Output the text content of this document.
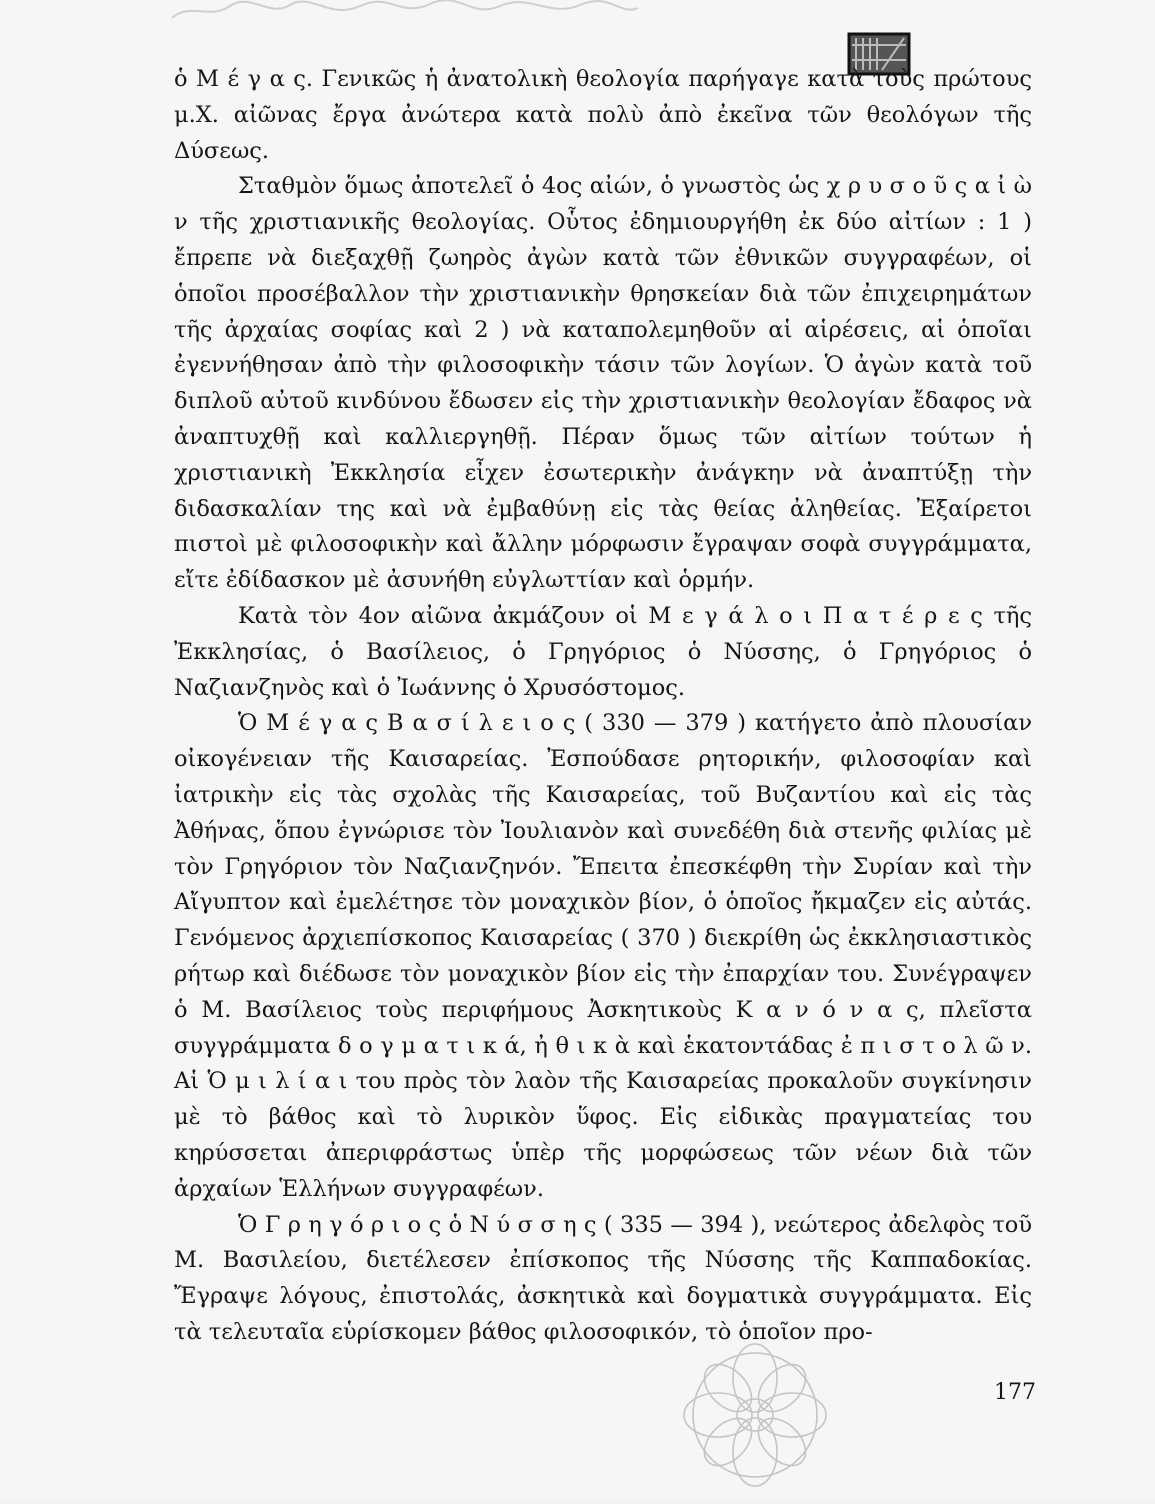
ὁ Μ έ γ α ς. Γενικῶς ἡ ἀνατολικὴ θεολογία παρήγαγε κατὰ τοὺς πρώτους μ.Χ. αἰῶνας ἔργα ἀνώτερα κατὰ πολὺ ἀπὸ ἐκεῖνα τῶν θεολόγων τῆς Δύσεως.

Σταθμὸν ὅμως ἀποτελεῖ ὁ 4ος αἰών, ὁ γνωστὸς ὡς χ ρ υ σ ο ῦ ς α ἰ ὼ ν τῆς χριστιανικῆς θεολογίας. Οὗτος ἐδημιουργήθη ἐκ δύο αἰτίων : 1 ) ἔπρεπε νὰ διεξαχθῇ ζωηρὸς ἀγὼν κατὰ τῶν ἐθνικῶν συγγραφέων, οἱ ὁποῖοι προσέβαλλον τὴν χριστιανικὴν θρησκείαν διὰ τῶν ἐπιχειρημάτων τῆς ἀρχαίας σοφίας καὶ 2 ) νὰ καταπολεμηθοῦν αἱ αἱρέσεις, αἱ ὁποῖαι ἐγεννήθησαν ἀπὸ τὴν φιλοσοφικὴν τάσιν τῶν λογίων. Ὁ ἀγὼν κατὰ τοῦ διπλοῦ αὐτοῦ κινδύνου ἔδωσεν εἰς τὴν χριστιανικὴν θεολογίαν ἔδαφος νὰ ἀναπτυχθῇ καὶ καλλιεργηθῇ. Πέραν ὅμως τῶν αἰτίων τούτων ἡ χριστιανικὴ Ἐκκλησία εἶχεν ἐσωτερικὴν ἀνάγκην νὰ ἀναπτύξῃ τὴν διδασκαλίαν της καὶ νὰ ἐμβαθύνῃ εἰς τὰς θείας ἀληθείας. Ἐξαίρετοι πιστοὶ μὲ φιλοσοφικὴν καὶ ἄλλην μόρφωσιν ἔγραψαν σοφὰ συγγράμματα, εἴτε ἐδίδασκον μὲ ἀσυνήθη εὐγλωττίαν καὶ ὁρμήν.

Κατὰ τὸν 4ον αἰῶνα ἀκμάζουν οἱ Μ ε γ ά λ ο ι Π α τ έ ρ ε ς τῆς Ἐκκλησίας, ὁ Βασίλειος, ὁ Γρηγόριος ὁ Νύσσης, ὁ Γρηγόριος ὁ Ναζιανζηνὸς καὶ ὁ Ἰωάννης ὁ Χρυσόστομος.

Ὁ Μ έ γ α ς Β α σ ί λ ε ι ο ς ( 330 — 379 ) κατήγετο ἀπὸ πλουσίαν οἰκογένειαν τῆς Καισαρείας. Ἐσπούδασε ρητορικήν, φιλοσοφίαν καὶ ἰατρικὴν εἰς τὰς σχολὰς τῆς Καισαρείας, τοῦ Βυζαντίου καὶ εἰς τὰς Ἀθήνας, ὅπου ἐγνώρισε τὸν Ἰουλιανὸν καὶ συνεδέθη διὰ στενῆς φιλίας μὲ τὸν Γρηγόριον τὸν Ναζιανζηνόν. Ἔπειτα ἐπεσκέφθη τὴν Συρίαν καὶ τὴν Αἴγυπτον καὶ ἐμελέτησε τὸν μοναχικὸν βίον, ὁ ὁποῖος ἤκμαζεν εἰς αὐτάς. Γενόμενος ἀρχιεπίσκοπος Καισαρείας ( 370 ) διεκρίθη ὡς ἐκκλησιαστικὸς ρήτωρ καὶ διέδωσε τὸν μοναχικὸν βίον εἰς τὴν ἐπαρχίαν του. Συνέγραψεν ὁ Μ. Βασίλειος τοὺς περιφήμους Ἀσκητικοὺς Κ α ν ό ν α ς, πλεῖστα συγγράμματα δ ο γ μ α τ ι κ ά, ἠ θ ι κ ὰ καὶ ἑκατοντάδας ἐ π ι σ τ ο λ ῶ ν. Αἱ Ὁ μ ι λ ί α ι του πρὸς τὸν λαὸν τῆς Καισαρείας προκαλοῦν συγκίνησιν μὲ τὸ βάθος καὶ τὸ λυρικὸν ὕφος. Εἰς εἰδικὰς πραγματείας του κηρύσσεται ἀπεριφράστως ὑπὲρ τῆς μορφώσεως τῶν νέων διὰ τῶν ἀρχαίων Ἑλλήνων συγγραφέων.

Ὁ Γ ρ η γ ό ρ ι ο ς ὁ Ν ύ σ σ η ς ( 335 — 394 ), νεώτερος ἀδελφὸς τοῦ Μ. Βασιλείου, διετέλεσεν ἐπίσκοπος τῆς Νύσσης τῆς Καππαδοκίας. Ἔγραψε λόγους, ἐπιστολάς, ἀσκητικὰ καὶ δογματικὰ συγγράμματα. Εἰς τὰ τελευταῖα εὑρίσκομεν βάθος φιλοσοφικόν, τὸ ὁποῖον προ-

177
